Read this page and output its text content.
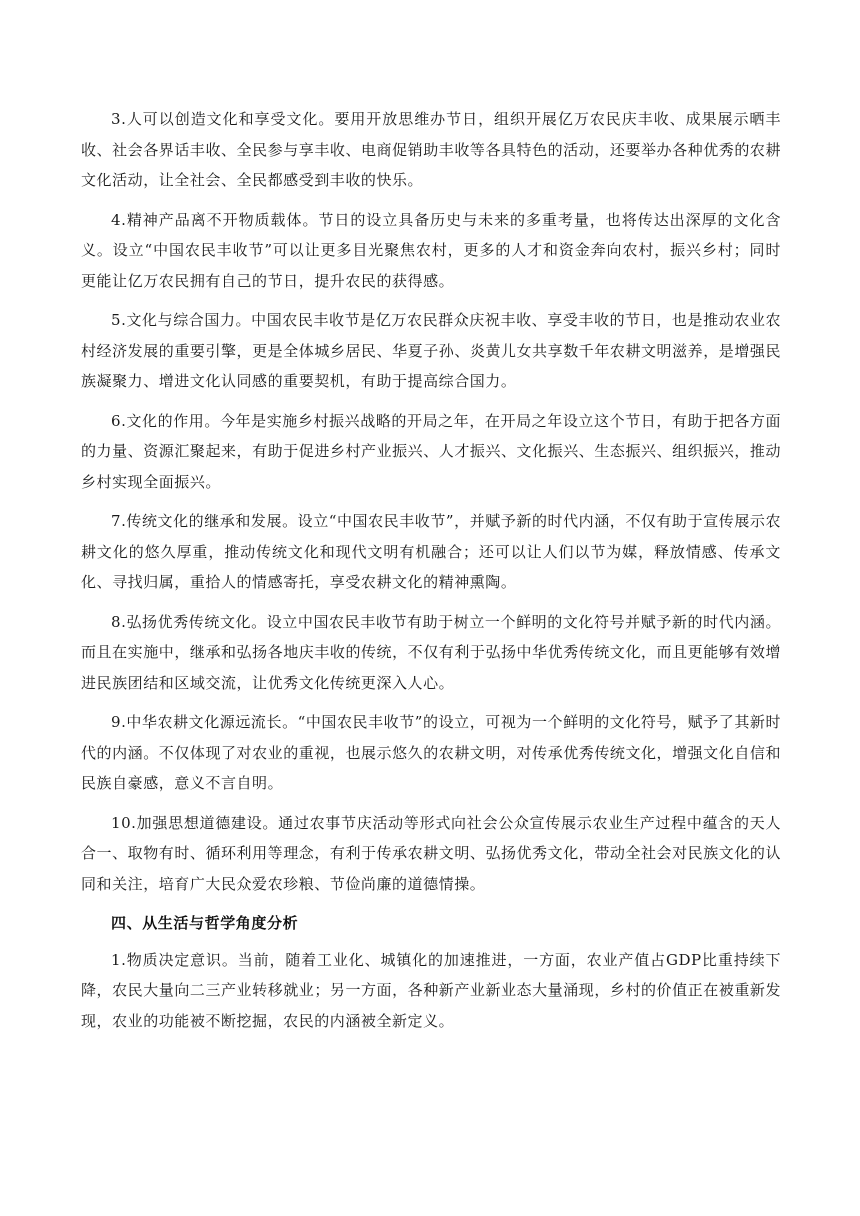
3.人可以创造文化和享受文化。要用开放思维办节日，组织开展亿万农民庆丰收、成果展示晒丰收、社会各界话丰收、全民参与享丰收、电商促销助丰收等各具特色的活动，还要举办各种优秀的农耕文化活动，让全社会、全民都感受到丰收的快乐。

4.精神产品离不开物质载体。节日的设立具备历史与未来的多重考量，也将传达出深厚的文化含义。设立“中国农民丰收节”可以让更多目光聚焦农村，更多的人才和资金奔向农村，振兴乡村；同时更能让亿万农民拥有自己的节日，提升农民的获得感。

5.文化与综合国力。中国农民丰收节是亿万农民群众庆祝丰收、享受丰收的节日，也是推动农业农村经济发展的重要引擎，更是全体城乡居民、华夏子孙、炎黄儿女共享数千年农耕文明滋养，是增强民族凝聚力、增进文化认同感的重要契机，有助于提高综合国力。

6.文化的作用。今年是实施乡村振兴战略的开局之年，在开局之年设立这个节日，有助于把各方面的力量、资源汇聚起来，有助于促进乡村产业振兴、人才振兴、文化振兴、生态振兴、组织振兴，推动乡村实现全面振兴。

7.传统文化的继承和发展。设立“中国农民丰收节”，并赋予新的时代内涵，不仅有助于宣传展示农耕文化的悠久厚重，推动传统文化和现代文明有机融合；还可以让人们以节为媒，释放情感、传承文化、寻找归属，重拾人的情感寄托，享受农耕文化的精神熏陶。

8.弘扬优秀传统文化。设立中国农民丰收节有助于树立一个鲜明的文化符号并赋予新的时代内涵。而且在实施中，继承和弘扬各地庆丰收的传统，不仅有利于弘扬中华优秀传统文化，而且更能够有效增进民族团结和区域交流，让优秀文化传统更深入人心。

9.中华农耕文化源远流长。“中国农民丰收节”的设立，可视为一个鲜明的文化符号，赋予了其新时代的内涵。不仅体现了对农业的重视，也展示悠久的农耕文明，对传承优秀传统文化，增强文化自信和民族自豪感，意义不言自明。

10.加强思想道德建设。通过农事节庆活动等形式向社会公众宣传展示农业生产过程中蕴含的天人合一、取物有时、循环利用等理念，有利于传承农耕文明、弘扬优秀文化，带动全社会对民族文化的认同和关注，培育广大民众爱农珍粮、节俭尚廉的道德情操。

四、从生活与哲学角度分析

1.物质决定意识。当前，随着工业化、城镇化的加速推进，一方面，农业产值占GDP比重持续下降，农民大量向二三产业转移就业；另一方面，各种新产业新业态大量涌现，乡村的价值正在被重新发现，农业的功能被不断挖掘，农民的内涵被全新定义。
